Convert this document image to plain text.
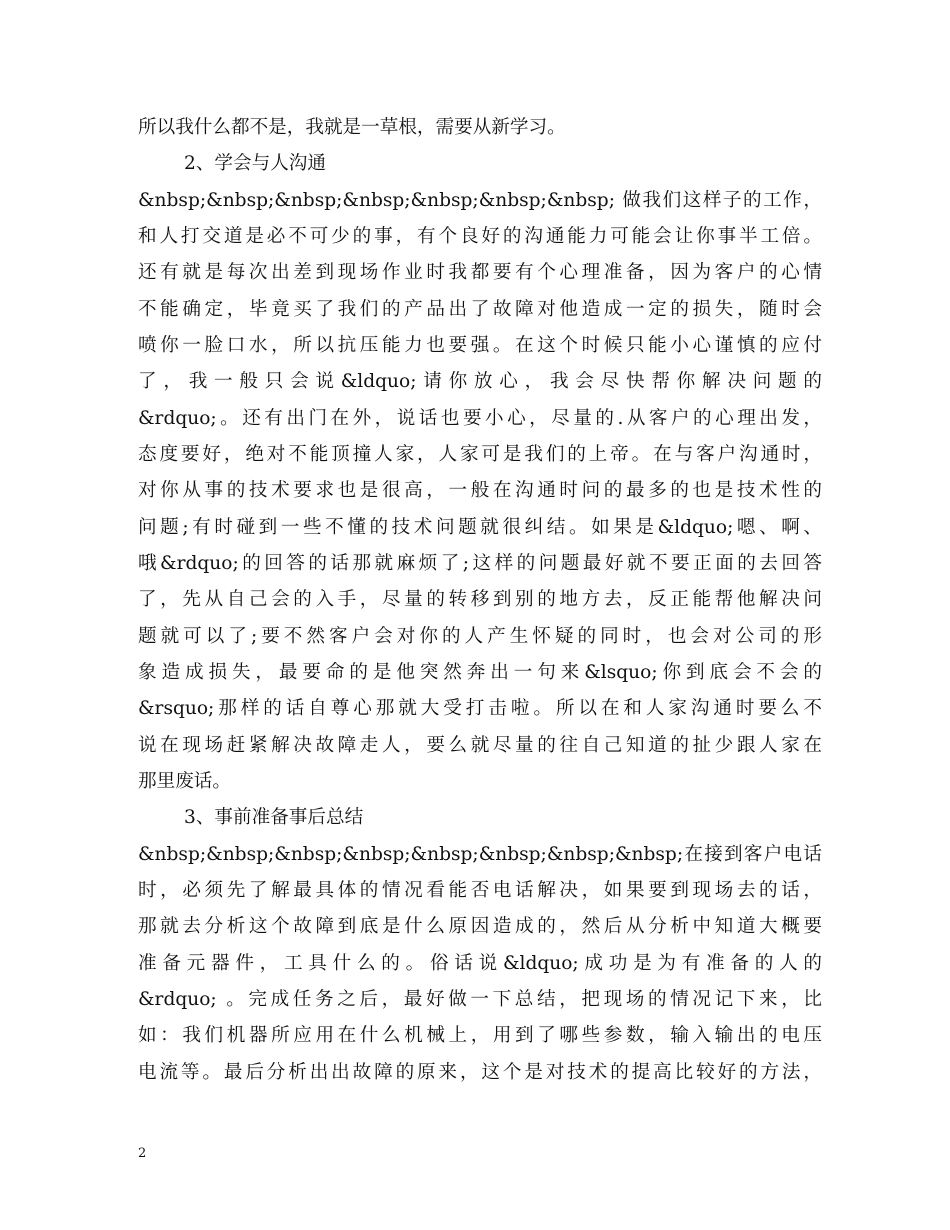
所以我什么都不是，我就是一草根，需要从新学习。
2、学会与人沟通
&nbsp;&nbsp;&nbsp;&nbsp;&nbsp;&nbsp;&nbsp; 做我们这样子的工作，
和人打交道是必不可少的事，有个良好的沟通能力可能会让你事半工倍。
还有就是每次出差到现场作业时我都要有个心理准备，因为客户的心情
不能确定，毕竟买了我们的产品出了故障对他造成一定的损失，随时会
喷你一脸口水，所以抗压能力也要强。在这个时候只能小心谨慎的应付
了，我一般只会说&ldquo;请你放心，我会尽快帮你解决问题的
&rdquo;。还有出门在外，说话也要小心，尽量的.从客户的心理出发，
态度要好，绝对不能顶撞人家，人家可是我们的上帝。在与客户沟通时，
对你从事的技术要求也是很高，一般在沟通时问的最多的也是技术性的
问题;有时碰到一些不懂的技术问题就很纠结。如果是&ldquo;嗯、啊、
哦&rdquo;的回答的话那就麻烦了;这样的问题最好就不要正面的去回答
了，先从自己会的入手，尽量的转移到别的地方去，反正能帮他解决问
题就可以了;要不然客户会对你的人产生怀疑的同时，也会对公司的形
象造成损失，最要命的是他突然奔出一句来&lsquo;你到底会不会的
&rsquo;那样的话自尊心那就大受打击啦。所以在和人家沟通时要么不
说在现场赶紧解决故障走人，要么就尽量的往自己知道的扯少跟人家在
那里废话。
3、事前准备事后总结
&nbsp;&nbsp;&nbsp;&nbsp;&nbsp;&nbsp;&nbsp;&nbsp;在接到客户电话
时，必须先了解最具体的情况看能否电话解决，如果要到现场去的话，
那就去分析这个故障到底是什么原因造成的，然后从分析中知道大概要
准备元器件，工具什么的。俗话说&ldquo;成功是为有准备的人的
&rdquo; 。完成任务之后，最好做一下总结，把现场的情况记下来，比
如：我们机器所应用在什么机械上，用到了哪些参数，输入输出的电压
电流等。最后分析出出故障的原来，这个是对技术的提高比较好的方法，
2
